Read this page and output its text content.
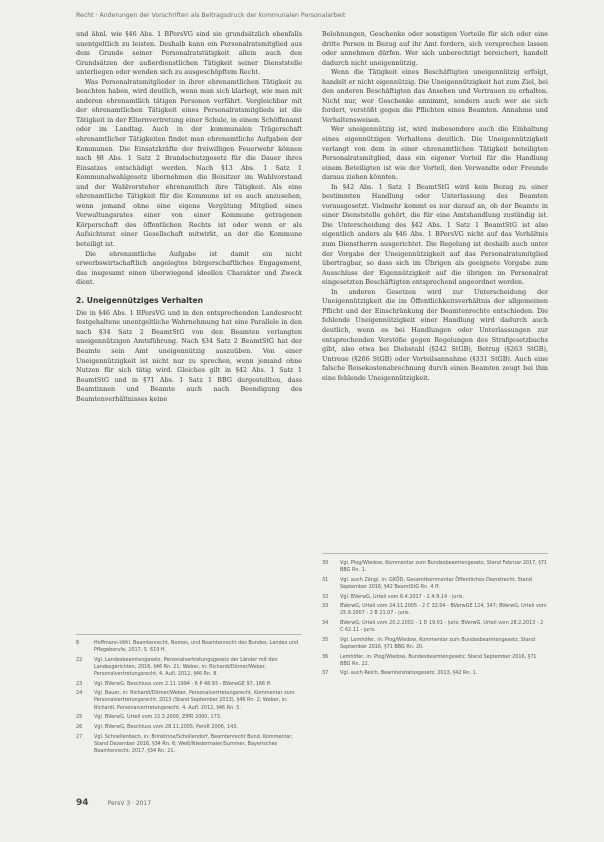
Recht · Änderungen der Vorschriften als Beitragsdruck der kommunalen Personalarbeit

und ähnl. wie §46 Abs. 1 BPersVG sind sie grundsätzlich ebenfalls unentgeltlich zu leisten. Deshalb kann ein Personalratsmitglied aus dem Grunde seiner Personalratstätigkeit allein auch den Grundsätzen der außerdienstlichen Tätigkeit seiner Dienststelle unterliegen oder wenden sich zu ausgeschöpftem Recht.

Was Personalratsmitglieder in ihrer ehrenamtlichen Tätigkeit zu beachten haben, wird deutlich, wenn man sich klarlegt, wie man mit anderen ehrenamtlich tätigen Personen verfährt. Vergleichbar mit der ehrenamtlichen Tätigkeit eines Personalratsmitglieds ist die Tätigkeit in der Elternvertretung einer Schule, in einem Schöffenamt oder im Landtag. Auch in der kommunalen Trägerschaft ehrenamtlicher Tätigkeiten findet man ehrenamtliche Aufgaben der Kommunen. Die Einsatzkräfte der freiwilligen Feuerwehr können nach §8 Abs. 1 Satz 2 Brandschutzgesetz für die Dauer ihres Einsatzes entschädigt werden. Nach §13 Abs. 1 Satz 1 Kommunalwahlgesetz übernehmen die Beisitzer im Wahlvorstand und der Wahlvorsteher ehrenamtlich ihre Tätigkeit. Als eine ehrenamtliche Tätigkeit für die Kommune ist es auch anzusehen, wenn jemand ohne eine eigene Vergütung Mitglied eines Verwaltungsrates einer von einer Kommune getragenen Körperschaft des öffentlichen Rechts ist oder wenn er als Aufsichtsrat einer Gesellschaft mitwirkt, an der die Kommune beteiligt ist.

Die ehrenamtliche Aufgabe ist damit ein nicht erwerbswirtschaftlich angelegtes bürgerschaftliches Engagement, das insgesamt einen überwiegend ideellen Charakter und Zweck dient.

2. Uneigennütziges Verhalten

Die in §46 Abs. 1 BPersVG und in den entsprechenden Landesrecht festgehaltene unentgeltliche Wahrnehmung hat eine Parallele in den nach §34 Satz 2 BeamtStG von den Beamten verlangten uneigennützigen Amtsführung. Nach §34 Satz 2 BeamtStG hat der Beamte sein Amt uneigennützig auszuüben. Von einer Uneigennützigkeit ist nicht nur zu sprechen, wenn jemand ohne Nutzen für sich tätig wird. Gleiches gilt in §42 Abs. 1 Satz 1 BeamtStG und in §71 Abs. 1 Satz 1 BBG dargestellten, dass Beamtinnen und Beamte auch nach Beendigung des Beamtenverhältnisses keine

Belohnungen, Geschenke oder sonstigen Vorteile für sich oder eine dritte Person in Bezug auf ihr Amt fordern, sich versprechen lassen oder annehmen dürfen. Wer sich unberechtigt bereichert, handelt dadurch nicht uneigennützig.

Wenn die Tätigkeit eines Beschäftigten uneigennützig erfolgt, handelt er nicht eigennützig. Die Uneigennützigkeit hat zum Ziel, bei den anderen Beschäftigten das Ansehen und Vertrauen zu erhalten. Nicht nur, wer Geschenke annimmt, sondern auch wer sie sich fordert, verstößt gegen die Pflichten eines Beamten. Annahme und Verhaltensweisen.

Wer uneigennützig ist, wird insbesondere auch die Einhaltung eines eigennützigen Verhaltens deutlich. Die Uneigennützigkeit verlangt von dem in einer ehrenamtlichen Tätigkeit beteiligten Personalratsmitglied, dass ein eigener Vorteil für die Handlung einem Beteiligten ist wie der Vorteil, den Verwandte oder Freunde daraus ziehen könnten.

In §42 Abs. 1 Satz 1 BeamtStG wird kein Bezug zu einer bestimmten Handlung oder Unterlassung des Beamten vorausgesetzt. Vielmehr kommt es nur darauf an, ob der Beamte in einer Dienststelle gehört, die für eine Amtshandlung zuständig ist. Die Unterscheidung des §42 Abs. 1 Satz 1 BeamtStG ist also eigentlich anders als §46 Abs. 1 BPersVG nicht auf das Verhältnis zum Dienstherrn ausgerichtet. Die Regelung ist deshalb auch unter der Vorgabe der Uneigennützigkeit auf das Personalratsmitglied übertragbar, so dass sich im Übrigen als geeignete Vorgabe zum Ausschluss der Eigennützigkeit auf die übrigen im Personalrat eingesetzten Beschäftigten entsprechend angeordnet werden.

In anderen Gesetzen wird zur Unterscheidung der Uneigennützigkeit die im Öffentlichkeitsverhältnis der allgemeinen Pflicht und der Einschränkung der Beamtenrechte entschieden. Die fehlende Uneigennützigkeit einer Handlung wird dadurch auch deutlich, wenn es bei Handlungen oder Unterlassungen zur entsprechenden Verstöße gegen Regelungen des Strafgesetzbuchs gibt, also etwa bei Diebstahl (§242 StGB), Betrug (§263 StGB), Untreue (§266 StGB) oder Vorteilsannahme (§331 StGB). Auch eine falsche Reisekostenabrechnung durch einen Beamten zeugt bei ihm eine fehlende Uneigennützigkeit.

8	Hoffmann-Vöhl, Beamtenrecht, Nomos, und Beamtenrecht des Bundes, Landes und Pflegeberufe, 2017, S. 619 ff.
22	Vgl. Landesbeamtengesetz, Personalvertretungsgesetz der Länder mit den Landesgerichten, 2016, §46 Rn. 21; Weber, in: Richardi/Dörner/Weber, Personalvertretungsrecht, 4. Aufl. 2012, §46 Rn. 8.
23	Vgl. BVerwG, Beschluss vom 2.11.1994 - 6 P 48.93 - BVerwGE 97, 166 ff.
24	Vgl. Bauer, in: Richardi/Dörner/Weber, Personalvertretungsrecht, Kommentar zum Personalvertretungsrecht, 2013 (Stand September 2013), §46 Rn. 2; Weber, in: Richardi, Personalvertretungsrecht, 4. Aufl. 2012, §46 Rn. 5.
25	Vgl. BVerwG, Urteil vom 22.3.2000, ZfPR 2000, 173.
26	Vgl. BVerwG, Beschluss vom 28.11.2005, PersR 2006, 143.
27	Vgl. Schnellenbach, in: Brinktrine/Schollendorf, Beamtenrecht Bund, Kommentar, Stand Dezember 2016, §34 Rn. 6; Weiß/Niedermaier/Summer, Bayerisches Beamtenrecht, 2017, §34 Rn. 21.
30	Vgl. Plog/Wiedow, Kommentar zum Bundesbeamtengesetz, Stand Februar 2017, §71 BBG Rn. 1.
31	Vgl. auch Zängl, in: GKÖD, Gesamtkommentar Öffentliches Dienstrecht, Stand September 2016, §42 BeamtStG Rn. 4 ff.
32	Vgl. BVerwG, Urteil vom 6.4.2017 - 2 A 9.14 - juris.
33	BVerwG, Urteil vom 24.11.2005 - 2 C 32.04 - BVerwGE 124, 347; BVerwG, Urteil vom 25.9.2007 - 2 B 21.07 - juris.
34	BVerwG, Urteil vom 20.2.2002 - 1 D 19.01 - juris; BVerwG, Urteil vom 28.2.2013 - 2 C 62.11 - juris.
35	Vgl. Lemhöfer, in: Plog/Wiedow, Kommentar zum Bundesbeamtengesetz, Stand September 2016, §71 BBG Rn. 20.
36	Lemhöfer, in: Plog/Wiedow, Bundesbeamtengesetz, Stand September 2016, §71 BBG Rn. 22.
37	Vgl. auch Reich, Beamtenstatusgesetz, 2013, §42 Rn. 1.
94	PersV 3 · 2017
